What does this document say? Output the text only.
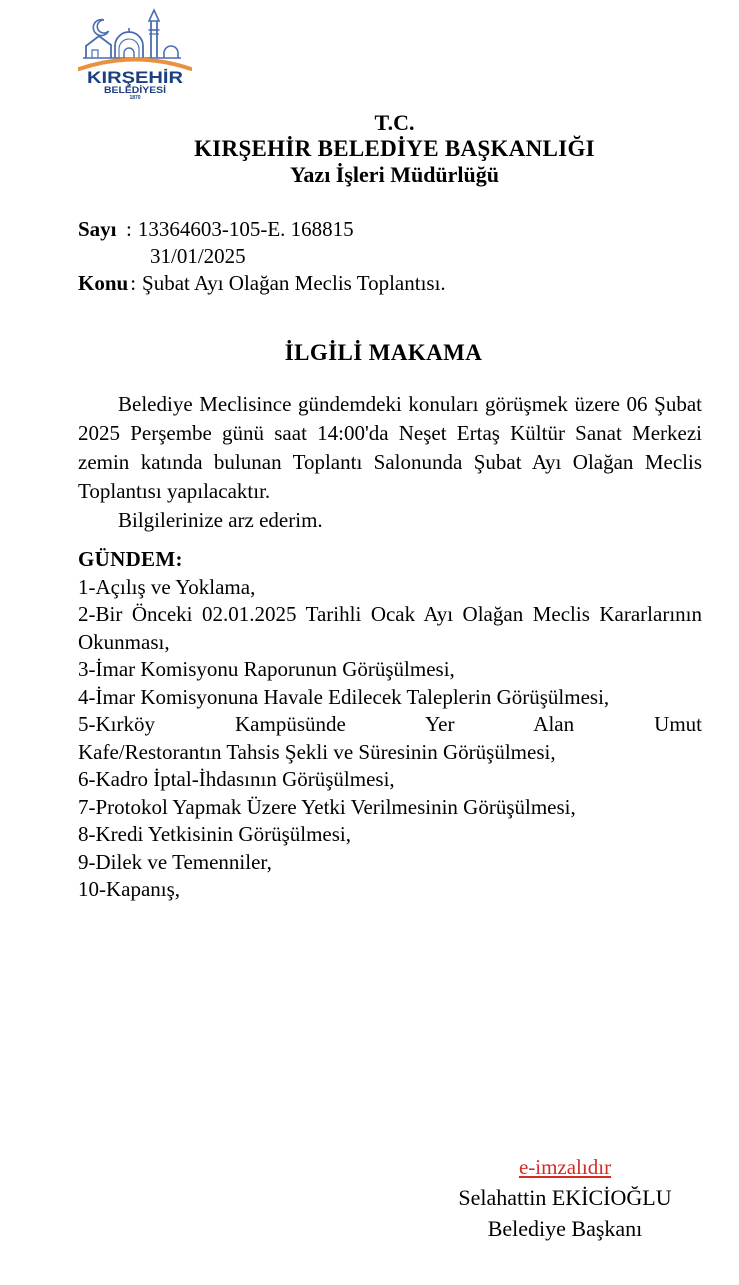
KIRŞEHİR
BELEDİYESİ
1870
T.C.
KIRŞEHİR BELEDİYE BAŞKANLIĞI
Yazı İşleri Müdürlüğü
Sayı : 13364603-105-E. 168815
31/01/2025
Konu: Şubat Ayı Olağan Meclis Toplantısı.
İLGİLİ MAKAMA

Belediye Meclisince gündemdeki konuları görüşmek üzere 06 Şubat 2025 Perşembe günü saat 14:00'da Neşet Ertaş Kültür Sanat Merkezi zemin katında bulunan Toplantı Salonunda Şubat Ayı Olağan Meclis Toplantısı yapılacaktır.

Bilgilerinize arz ederim.

GÜNDEM:
1-Açılış ve Yoklama,
2-Bir Önceki 02.01.2025 Tarihli Ocak Ayı Olağan Meclis Kararlarının
Okunması,
3-İmar Komisyonu Raporunun Görüşülmesi,
4-İmar Komisyonuna Havale Edilecek Taleplerin Görüşülmesi,
5-Kırköy Kampüsünde Yer Alan Umut
Kafe/Restorantın Tahsis Şekli ve Süresinin Görüşülmesi,
6-Kadro İptal-İhdasının Görüşülmesi,
7-Protokol Yapmak Üzere Yetki Verilmesinin Görüşülmesi,
8-Kredi Yetkisinin Görüşülmesi,
9-Dilek ve Temenniler,
10-Kapanış,
e-imzalıdır
Selahattin EKİCİOĞLU
Belediye Başkanı
